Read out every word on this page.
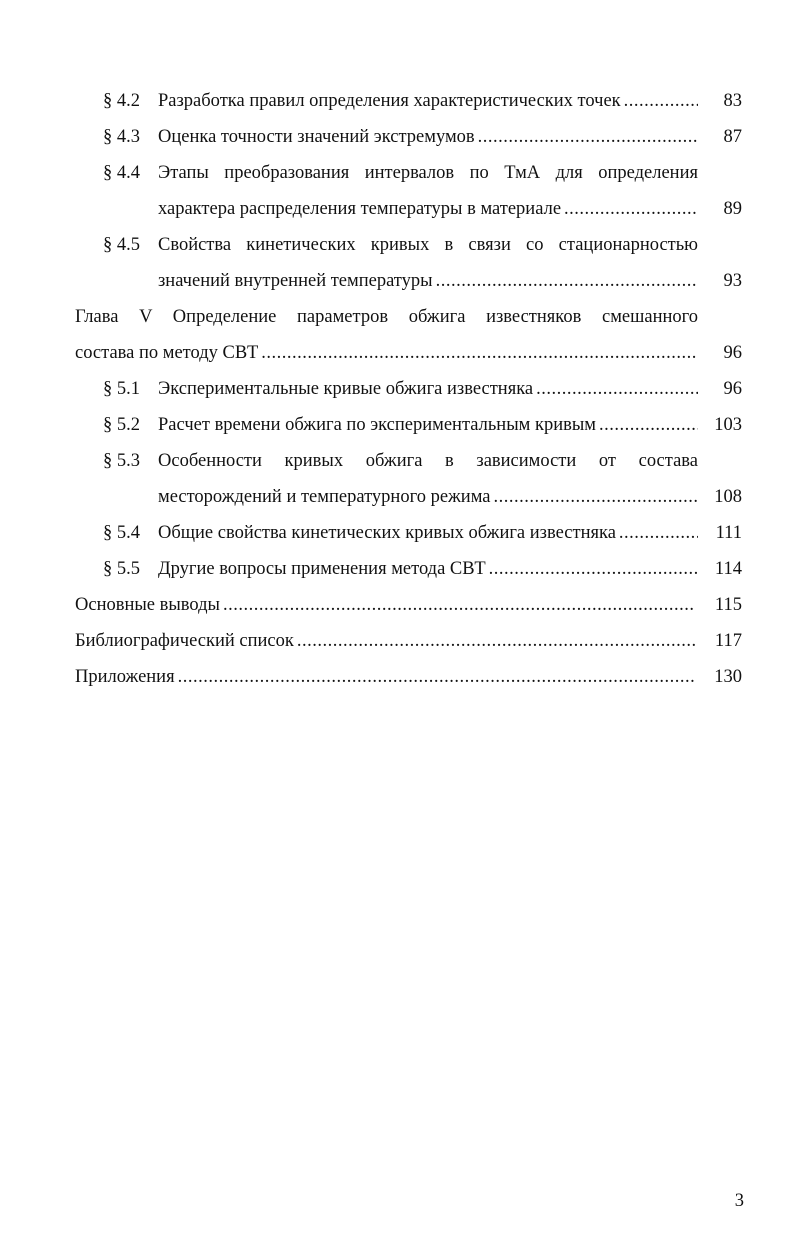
§ 4.2 Разработка правил определения характеристических точек .....	83
§ 4.3 Оценка точности значений экстремумов .....	87
§ 4.4 Этапы преобразования интервалов по ТмА для определения
характера распределения температуры в материале .....	89
§ 4.5 Свойства кинетических кривых в связи со стационарностью
значений внутренней температуры .....	93
Глава V Определение параметров обжига известняков смешанного
состава по методу СВТ .....	96
§ 5.1 Экспериментальные кривые обжига известняка .....	96
§ 5.2 Расчет времени обжига по экспериментальным кривым .....	103
§ 5.3 Особенности кривых обжига в зависимости от состава
месторождений и температурного режима .....	108
§ 5.4 Общие свойства кинетических кривых обжига известняка .....	111
§ 5.5 Другие вопросы применения метода СВТ .....	114
Основные выводы .....	115
Библиографический список .....	117
Приложения .....	130
3
